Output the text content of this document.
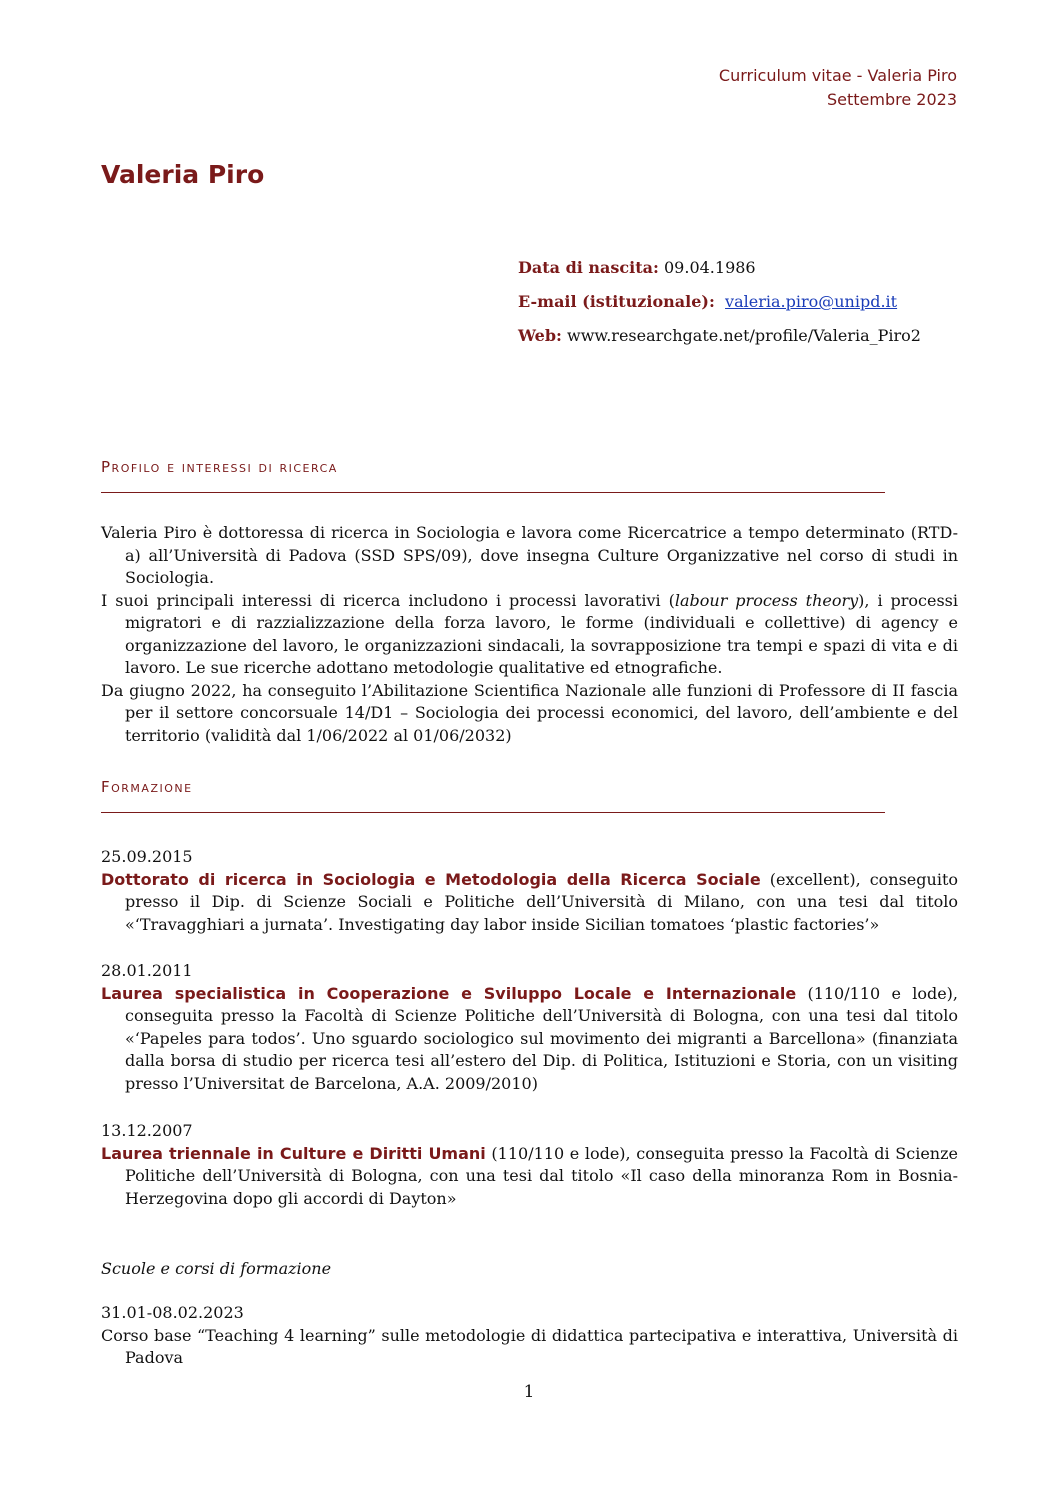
Curriculum vitae - Valeria Piro
Settembre 2023
Valeria Piro
Data di nascita: 09.04.1986
E-mail (istituzionale): valeria.piro@unipd.it
Web: www.researchgate.net/profile/Valeria_Piro2
Profilo e interessi di ricerca

Valeria Piro è dottoressa di ricerca in Sociologia e lavora come Ricercatrice a tempo determinato (RTD-a) all’Università di Padova (SSD SPS/09), dove insegna Culture Organizzative nel corso di studi in Sociologia.

I suoi principali interessi di ricerca includono i processi lavorativi (labour process theory), i processi migratori e di razzializzazione della forza lavoro, le forme (individuali e collettive) di agency e organizzazione del lavoro, le organizzazioni sindacali, la sovrapposizione tra tempi e spazi di vita e di lavoro. Le sue ricerche adottano metodologie qualitative ed etnografiche.

Da giugno 2022, ha conseguito l’Abilitazione Scientifica Nazionale alle funzioni di Professore di II fascia per il settore concorsuale 14/D1 – Sociologia dei processi economici, del lavoro, dell’ambiente e del territorio (validità dal 1/06/2022 al 01/06/2032)

Formazione

25.09.2015

Dottorato di ricerca in Sociologia e Metodologia della Ricerca Sociale (excellent), conseguito presso il Dip. di Scienze Sociali e Politiche dell’Università di Milano, con una tesi dal titolo «‘Travagghiari a jurnata’. Investigating day labor inside Sicilian tomatoes ‘plastic factories’»

28.01.2011

Laurea specialistica in Cooperazione e Sviluppo Locale e Internazionale (110/110 e lode), conseguita presso la Facoltà di Scienze Politiche dell’Università di Bologna, con una tesi dal titolo «‘Papeles para todos’. Uno sguardo sociologico sul movimento dei migranti a Barcellona» (finanziata dalla borsa di studio per ricerca tesi all’estero del Dip. di Politica, Istituzioni e Storia, con un visiting presso l’Universitat de Barcelona, A.A. 2009/2010)

13.12.2007

Laurea triennale in Culture e Diritti Umani (110/110 e lode), conseguita presso la Facoltà di Scienze Politiche dell’Università di Bologna, con una tesi dal titolo «Il caso della minoranza Rom in Bosnia-Herzegovina dopo gli accordi di Dayton»

Scuole e corsi di formazione

31.01-08.02.2023

Corso base “Teaching 4 learning” sulle metodologie di didattica partecipativa e interattiva, Università di Padova

1
